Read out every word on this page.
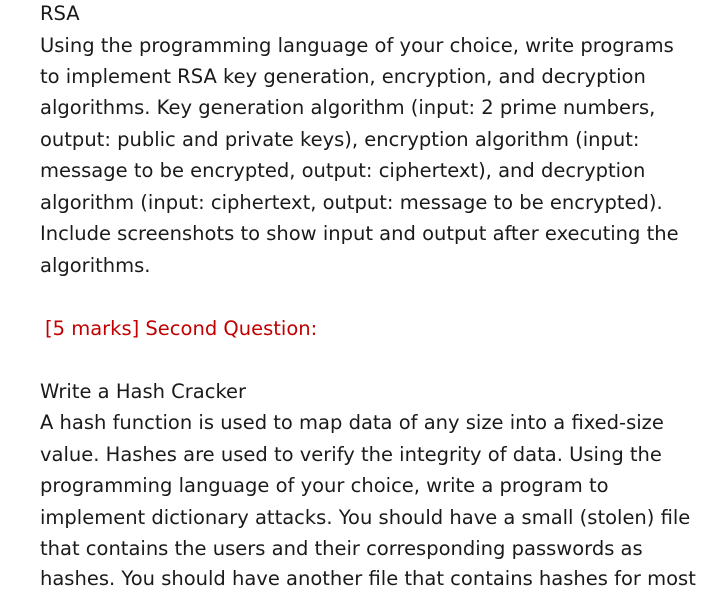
RSA
Using the programming language of your choice, write programs
to implement RSA key generation, encryption, and decryption
algorithms. Key generation algorithm (input: 2 prime numbers,
output: public and private keys), encryption algorithm (input:
message to be encrypted, output: ciphertext), and decryption
algorithm (input: ciphertext, output: message to be encrypted).
Include screenshots to show input and output after executing the
algorithms.
[5 marks] Second Question:
Write a Hash Cracker
A hash function is used to map data of any size into a fixed-size
value. Hashes are used to verify the integrity of data. Using the
programming language of your choice, write a program to
implement dictionary attacks. You should have a small (stolen) file
that contains the users and their corresponding passwords as
hashes. You should have another file that contains hashes for most
